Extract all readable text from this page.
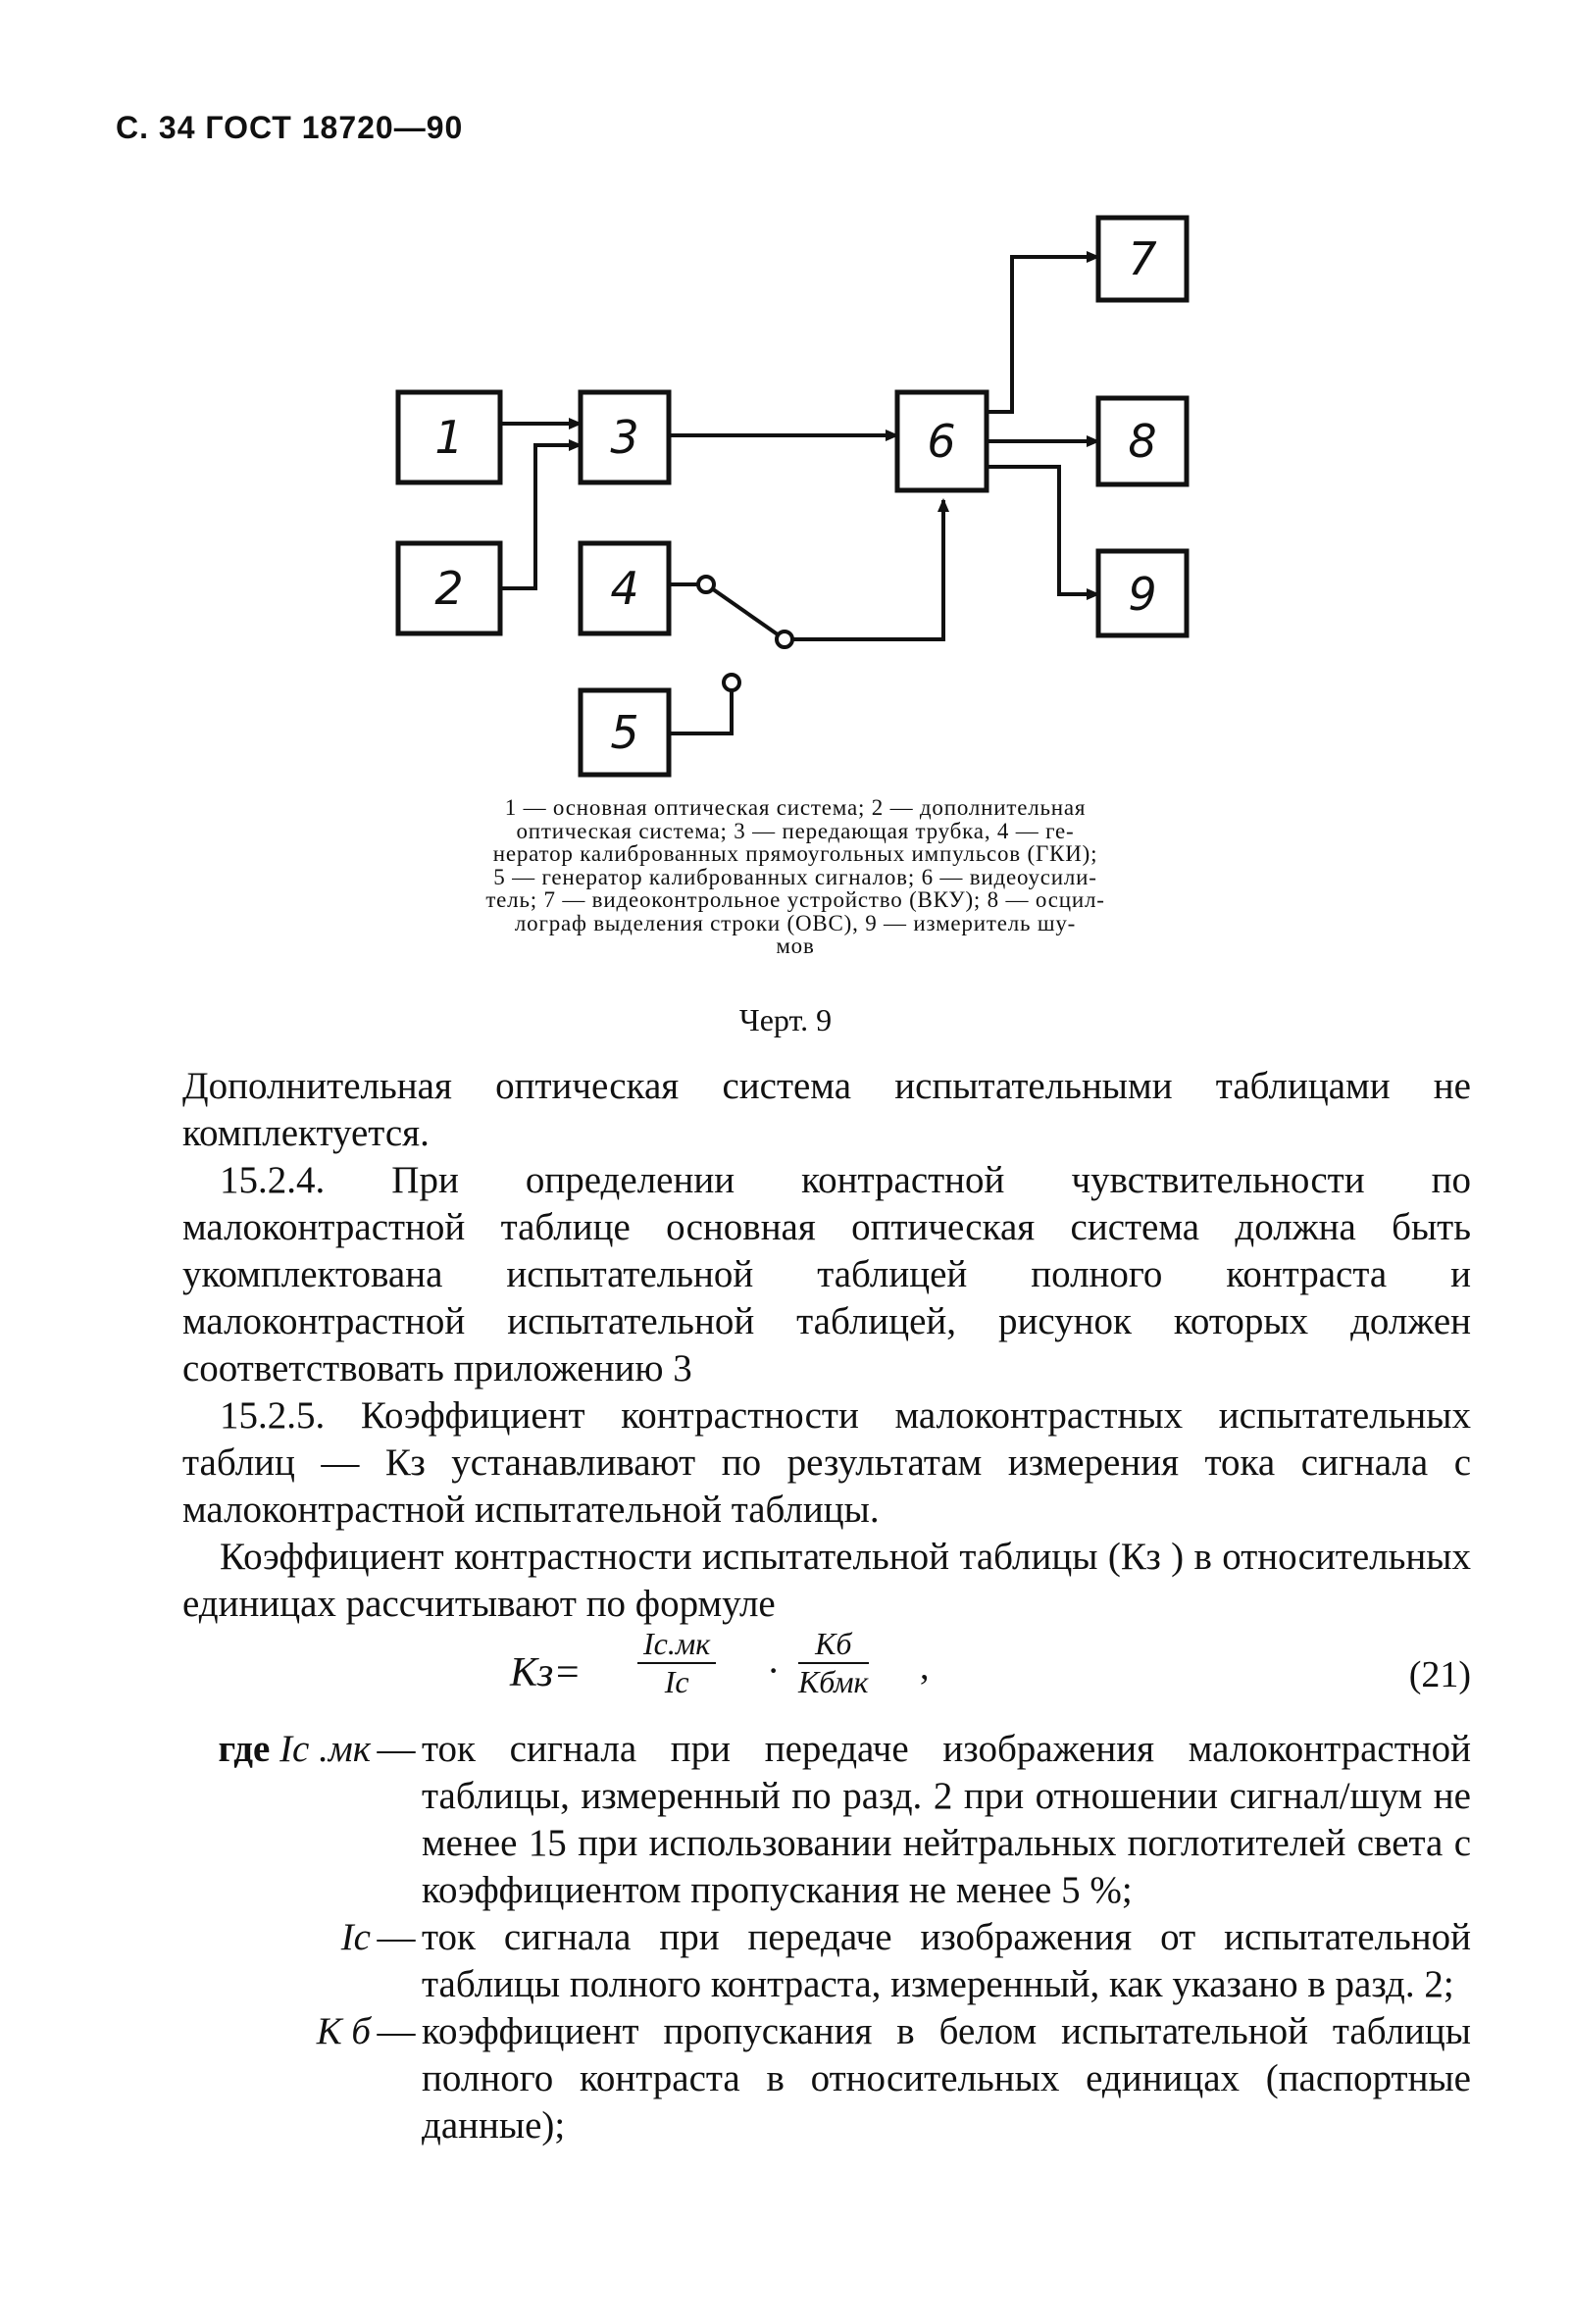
С. 34 ГОСТ 18720—90
1
2
3
4
5
6
7
8
9
1 — основная оптическая система; 2 — дополнительная
оптическая система; 3 — передающая трубка, 4 — ге-
нератор калиброванных прямоугольных импульсов (ГКИ);
5 — генератор калиброванных сигналов; 6 — видеоусили-
тель; 7 — видеоконтрольное устройство (ВКУ); 8 — осцил-
лограф выделения строки (ОВС), 9 — измеритель шу-
мов
Черт. 9

Дополнительная оптическая система испытательными таблицами не комплектуется.

15.2.4. При определении контрастной чувствительности по малоконтрастной таблице основная оптическая система должна быть укомплектована испытательной таблицей полного контраста и малоконтрастной испытательной таблицей, рисунок которых должен соответствовать приложению 3

15.2.5. Коэффициент контрастности малоконтрастных испытательных таблиц — Кз устанавливают по результатам измерения тока сигнала с малоконтрастной испытательной таблицы.

Коэффициент контрастности испытательной таблицы (Кз ) в относительных единицах рассчитывают по формуле

Кз=
Iс.мк
Iс	·
Кб
Кбмк ,	(21)
где Iс .мк — ток сигнала при передаче изображения малоконтрастной таблицы, измеренный по разд. 2 при отношении сигнал/шум не менее 15 при использовании нейтральных поглотителей света с коэффициентом пропускания не менее 5 %;
Iс — ток сигнала при передаче изображения от испытательной таблицы полного контраста, измеренный, как указано в разд. 2;
К б — коэффициент пропускания в белом испытательной таблицы полного контраста в относительных единицах (паспортные данные);
